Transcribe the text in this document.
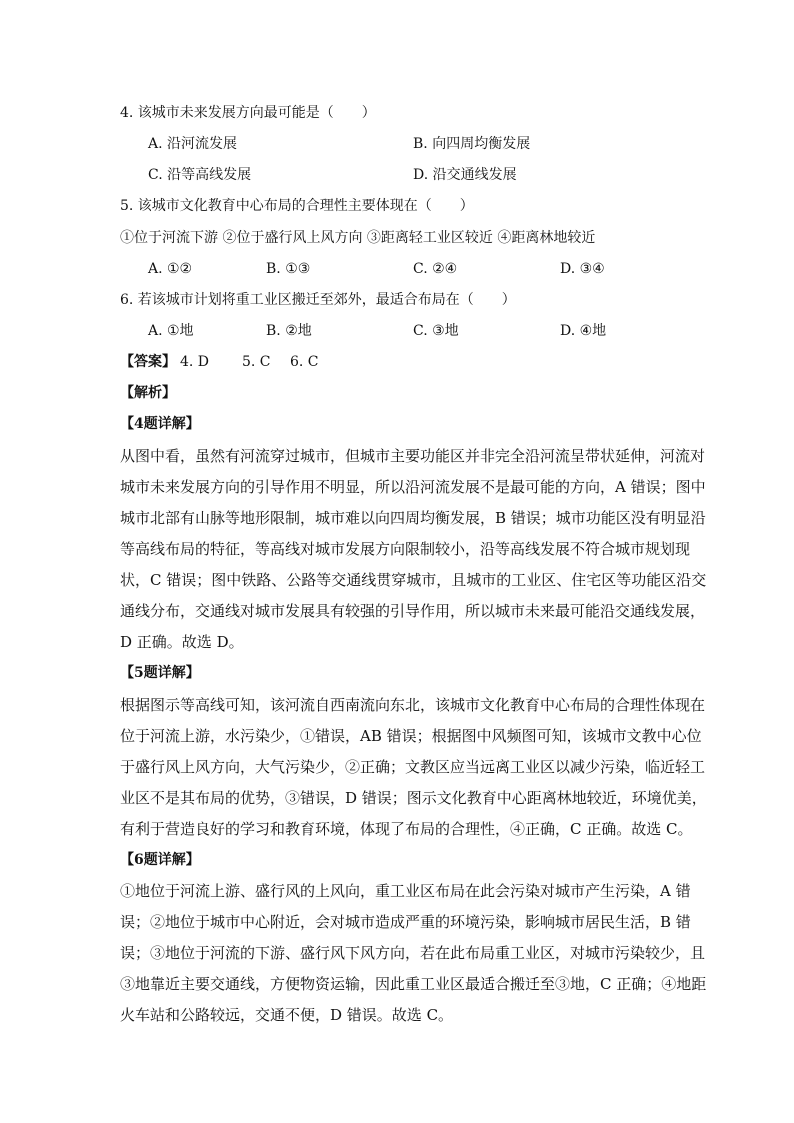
4. 该城市未来发展方向最可能是（　　）
A. 沿河流发展	B. 向四周均衡发展
C. 沿等高线发展	D. 沿交通线发展
5. 该城市文化教育中心布局的合理性主要体现在（　　）
①位于河流下游 ②位于盛行风上风方向 ③距离轻工业区较近 ④距离林地较近
A. ①②	B. ①③	C. ②④	D. ③④
6. 若该城市计划将重工业区搬迁至郊外，最适合布局在（　　）
A. ①地	B. ②地	C. ③地	D. ④地
【答案】 4. D 5. C 6. C
【解析】
【4题详解】
从图中看，虽然有河流穿过城市，但城市主要功能区并非完全沿河流呈带状延伸，河流对
城市未来发展方向的引导作用不明显，所以沿河流发展不是最可能的方向，A 错误；图中
城市北部有山脉等地形限制，城市难以向四周均衡发展，B 错误；城市功能区没有明显沿
等高线布局的特征，等高线对城市发展方向限制较小，沿等高线发展不符合城市规划现
状，C 错误；图中铁路、公路等交通线贯穿城市，且城市的工业区、住宅区等功能区沿交
通线分布，交通线对城市发展具有较强的引导作用，所以城市未来最可能沿交通线发展，
D 正确。故选 D。
【5题详解】
根据图示等高线可知，该河流自西南流向东北，该城市文化教育中心布局的合理性体现在
位于河流上游，水污染少，①错误，AB 错误；根据图中风频图可知，该城市文教中心位
于盛行风上风方向，大气污染少，②正确；文教区应当远离工业区以减少污染，临近轻工
业区不是其布局的优势，③错误，D 错误；图示文化教育中心距离林地较近，环境优美，
有利于营造良好的学习和教育环境，体现了布局的合理性，④正确，C 正确。故选 C。
【6题详解】
①地位于河流上游、盛行风的上风向，重工业区布局在此会污染对城市产生污染，A 错
误；②地位于城市中心附近，会对城市造成严重的环境污染，影响城市居民生活，B 错
误；③地位于河流的下游、盛行风下风方向，若在此布局重工业区，对城市污染较少，且
③地靠近主要交通线，方便物资运输，因此重工业区最适合搬迁至③地，C 正确；④地距
火车站和公路较远，交通不便，D 错误。故选 C。
